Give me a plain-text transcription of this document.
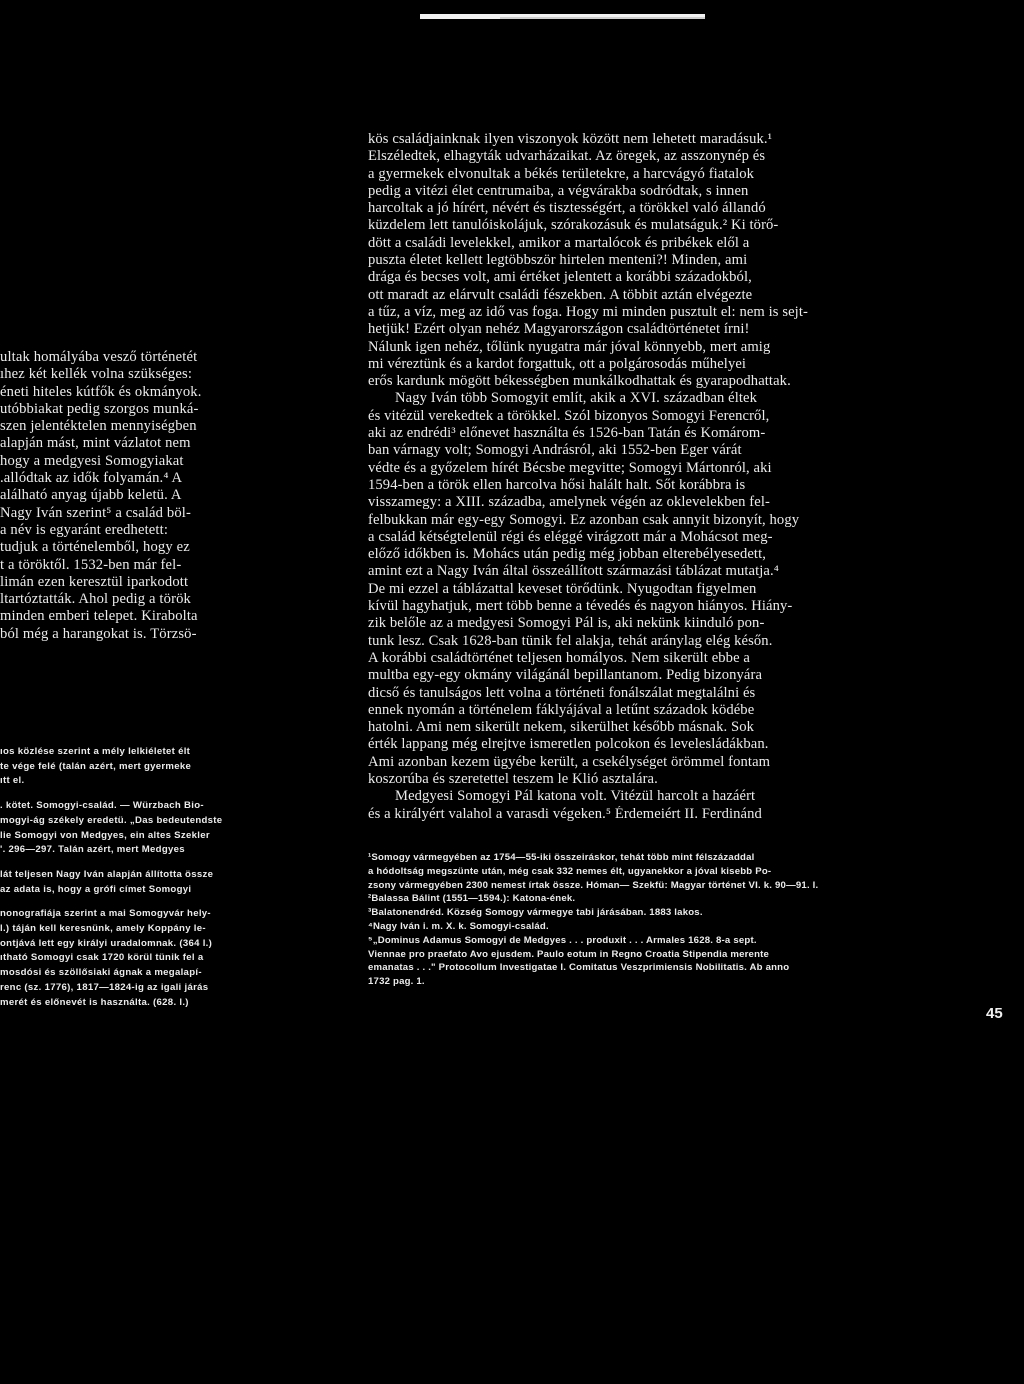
ultak homályába vesző történetét
ıhez két kellék volna szükséges:
éneti hiteles kútfők és okmányok.
utóbbiakat pedig szorgos munká-
szen jelentéktelen mennyiségben
alapján mást, mint vázlatot nem
hogy a medgyesi Somogyiakat
.allódtak az idők folyamán.⁴ A
alálható anyag újabb keletü. A
Nagy Iván szerint⁵ a család böl-
a név is egyaránt eredhetett:
tudjuk a történelemből, hogy ez
t a töröktől. 1532-ben már fel-
limán ezen keresztül iparkodott
ltartóztatták. Ahol pedig a török
minden emberi telepet. Kirabolta
ból még a harangokat is. Törzsö-
ıos közlése szerint a mély lelkiéletet élt
te vége felé (talán azért, mert gyermeke
ıtt el.
. kötet. Somogyi-család. — Würzbach Bio-
mogyi-ág székely eredetü. „Das bedeutendste
lie Somogyi von Medgyes, ein altes Szekler
'. 296—297. Talán azért, mert Medgyes
lát teljesen Nagy Iván alapján állította össze
az adata is, hogy a grófi címet Somogyi
nonografiája szerint a mai Somogyvár hely-
l.) táján kell keresnünk, amely Koppány le-
ontjává lett egy királyi uradalomnak. (364 l.)
ıtható Somogyi csak 1720 körül tünik fel a
mosdósi és szöllősiaki ágnak a megalapí-
renc (sz. 1776), 1817—1824-ig az igali járás
merét és előnevét is használta. (628. l.)
kös családjainknak ilyen viszonyok között nem lehetett maradásuk.¹
Elszéledtek, elhagyták udvarházaikat. Az öregek, az asszonynép és
a gyermekek elvonultak a békés területekre, a harcvágyó fiatalok
pedig a vitézi élet centrumaiba, a végvárakba sodródtak, s innen
harcoltak a jó hírért, névért és tisztességért, a törökkel való állandó
küzdelem lett tanulóiskolájuk, szórakozásuk és mulatságuk.² Ki törő-
dött a családi levelekkel, amikor a martalócok és pribékek elől a
puszta életet kellett legtöbbször hirtelen menteni?! Minden, ami
drága és becses volt, ami értéket jelentett a korábbi századokból,
ott maradt az elárvult családi fészekben. A többit aztán elvégezte
a tűz, a víz, meg az idő vas foga. Hogy mi minden pusztult el: nem is sejt-
hetjük! Ezért olyan nehéz Magyarországon családtörténetet írni!
Nálunk igen nehéz, tőlünk nyugatra már jóval könnyebb, mert amig
mi véreztünk és a kardot forgattuk, ott a polgárosodás műhelyei
erős kardunk mögött békességben munkálkodhattak és gyarapodhattak.
Nagy Iván több Somogyit említ, akik a XVI. században éltek
és vitézül verekedtek a törökkel. Szól bizonyos Somogyi Ferencről,
aki az endrédi³ előnevet használta és 1526-ban Tatán és Komárom-
ban várnagy volt; Somogyi Andrásról, aki 1552-ben Eger várát
védte és a győzelem hírét Bécsbe megvitte; Somogyi Mártonról, aki
1594-ben a török ellen harcolva hősi halált halt. Sőt korábbra is
visszamegy: a XIII. századba, amelynek végén az oklevelekben fel-
felbukkan már egy-egy Somogyi. Ez azonban csak annyit bizonyít, hogy
a család kétségtelenül régi és eléggé virágzott már a Mohácsot meg-
előző időkben is. Mohács után pedig még jobban elterebélyesedett,
amint ezt a Nagy Iván által összeállított származási táblázat mutatja.⁴
De mi ezzel a táblázattal keveset törődünk. Nyugodtan figyelmen
kívül hagyhatjuk, mert több benne a tévedés és nagyon hiányos. Hiány-
zik belőle az a medgyesi Somogyi Pál is, aki nekünk kiinduló pon-
tunk lesz. Csak 1628-ban tünik fel alakja, tehát aránylag elég későn.
A korábbi családtörténet teljesen homályos. Nem sikerült ebbe a
multba egy-egy okmány világánál bepillantanom. Pedig bizonyára
dicső és tanulságos lett volna a történeti fonálszálat megtalálni és
ennek nyomán a történelem fáklyájával a letűnt századok ködébe
hatolni. Ami nem sikerült nekem, sikerülhet később másnak. Sok
érték lappang még elrejtve ismeretlen polcokon és levelesládákban.
Ami azonban kezem ügyébe került, a csekélységet örömmel fontam
koszorúba és szeretettel teszem le Klió asztalára.
Medgyesi Somogyi Pál katona volt. Vitézül harcolt a hazáért
és a királyért valahol a varasdi végeken.⁵ Érdemeiért II. Ferdinánd
¹Somogy vármegyében az 1754—55-iki összeiráskor, tehát több mint félszázaddal
a hódoltság megszünte után, még csak 332 nemes élt, ugyanekkor a jóval kisebb Po-
zsony vármegyében 2300 nemest írtak össze. Hóman— Szekfü: Magyar történet VI. k. 90—91. l.
²Balassa Bálint (1551—1594.): Katona-ének.
³Balatonendréd. Község Somogy vármegye tabi járásában. 1883 lakos.
⁴Nagy Iván i. m. X. k. Somogyi-család.
⁵„Dominus Adamus Somogyi de Medgyes . . . produxit . . . Armales 1628. 8-a sept.
Viennae pro praefato Avo ejusdem. Paulo eotum in Regno Croatia Stipendia merente
emanatas . . ." Protocollum Investigatae I. Comitatus Veszprimiensis Nobilitatis. Ab anno
1732 pag. 1.
45
